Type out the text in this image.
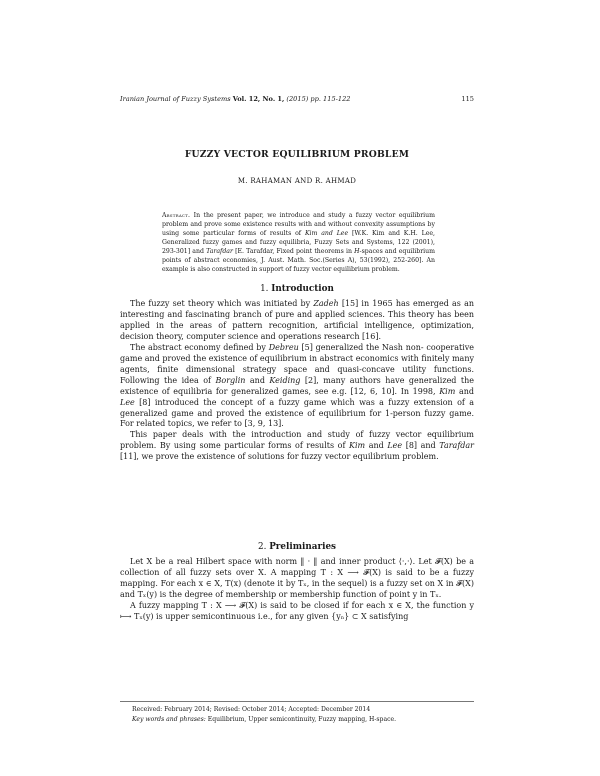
Iranian Journal of Fuzzy Systems Vol. 12, No. 1, (2015) pp. 115-122	115
FUZZY VECTOR EQUILIBRIUM PROBLEM
M. RAHAMAN AND R. AHMAD
Abstract. In the present paper, we introduce and study a fuzzy vector equilibrium problem and prove some existence results with and without convexity assumptions by using some particular forms of results of Kim and Lee [W.K. Kim and K.H. Lee, Generalized fuzzy games and fuzzy equilibria, Fuzzy Sets and Systems, 122 (2001), 293-301] and Tarafdar [E. Tarafdar, Fixed point theorems in H-spaces and equilibrium points of abstract economies, J. Aust. Math. Soc.(Series A), 53(1992), 252-260]. An example is also constructed in support of fuzzy vector equilibrium problem.
1. Introduction

The fuzzy set theory which was initiated by Zadeh [15] in 1965 has emerged as an interesting and fascinating branch of pure and applied sciences. This theory has been applied in the areas of pattern recognition, artificial intelligence, optimization, decision theory, computer science and operations research [16].

The abstract economy defined by Debreu [5] generalized the Nash non- cooperative game and proved the existence of equilibrium in abstract economics with finitely many agents, finite dimensional strategy space and quasi-concave utility functions. Following the idea of Borglin and Keiding [2], many authors have generalized the existence of equilibria for generalized games, see e.g. [12, 6, 10]. In 1998, Kim and Lee [8] introduced the concept of a fuzzy game which was a fuzzy extension of a generalized game and proved the existence of equilibrium for 1-person fuzzy game. For related topics, we refer to [3, 9, 13].

This paper deals with the introduction and study of fuzzy vector equilibrium problem. By using some particular forms of results of Kim and Lee [8] and Tarafdar [11], we prove the existence of solutions for fuzzy vector equilibrium problem.

2. Preliminaries

Let X be a real Hilbert space with norm ‖ · ‖ and inner product ⟨·,·⟩. Let 𝓕(X) be a collection of all fuzzy sets over X. A mapping T : X ⟶ 𝓕(X) is said to be a fuzzy mapping. For each x ∈ X, T(x) (denote it by Tₓ, in the sequel) is a fuzzy set on X in 𝓕(X) and Tₓ(y) is the degree of membership or membership function of point y in Tₓ.

A fuzzy mapping T : X ⟶ 𝓕(X) is said to be closed if for each x ∈ X, the function y ⟼ Tₓ(y) is upper semicontinuous i.e., for any given {yₙ} ⊂ X satisfying

Received: February 2014; Revised: October 2014; Accepted: December 2014
Key words and phrases: Equilibrium, Upper semicontinuity, Fuzzy mapping, H-space.
